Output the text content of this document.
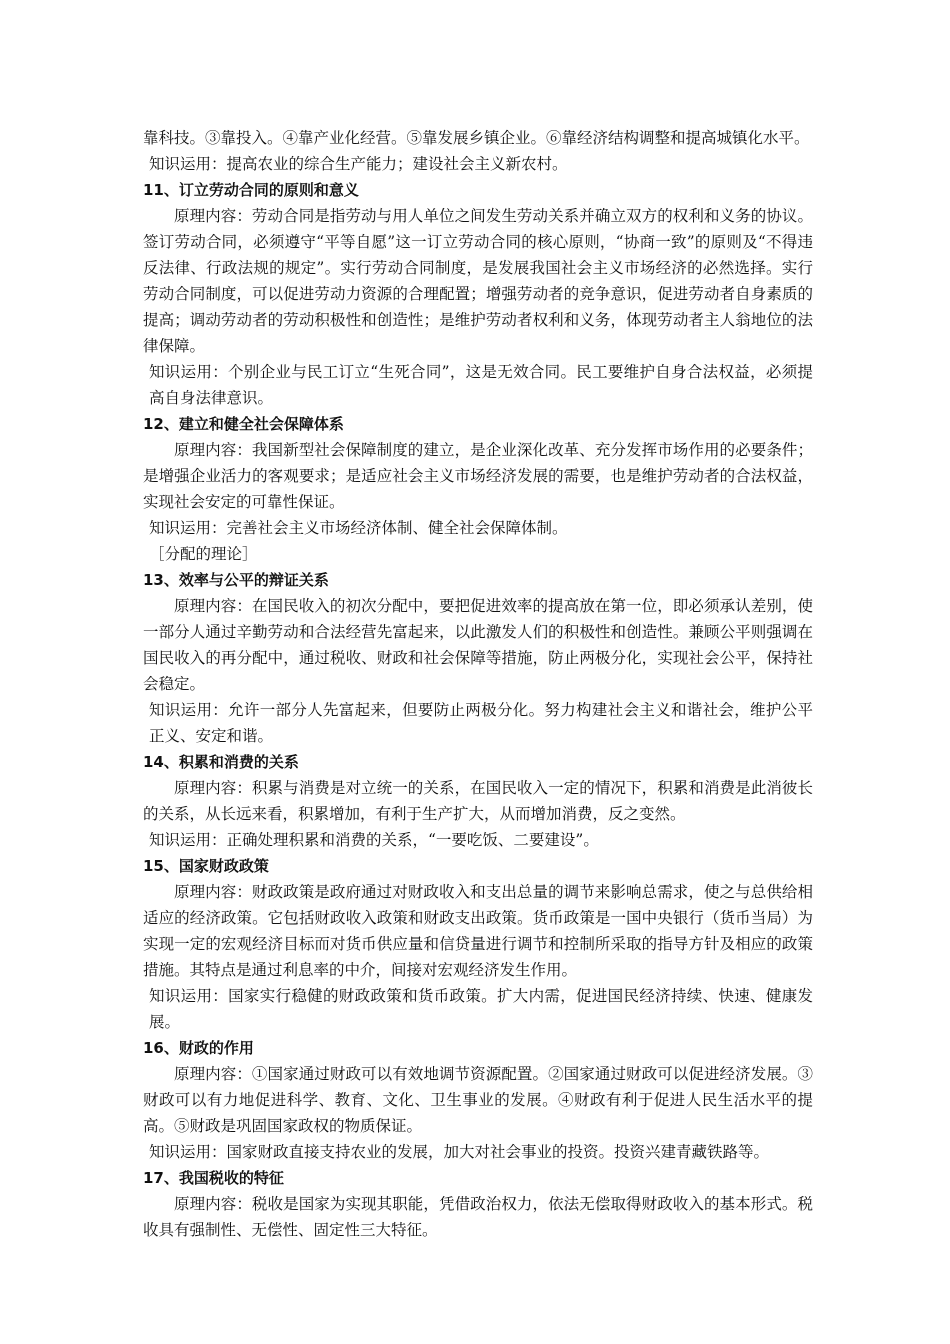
靠科技。③靠投入。④靠产业化经营。⑤靠发展乡镇企业。⑥靠经济结构调整和提高城镇化水平。

知识运用：提高农业的综合生产能力；建设社会主义新农村。

11、订立劳动合同的原则和意义

原理内容：劳动合同是指劳动与用人单位之间发生劳动关系并确立双方的权利和义务的协议。签订劳动合同，必须遵守“平等自愿”这一订立劳动合同的核心原则，“协商一致”的原则及“不得违反法律、行政法规的规定”。实行劳动合同制度，是发展我国社会主义市场经济的必然选择。实行劳动合同制度，可以促进劳动力资源的合理配置；增强劳动者的竞争意识，促进劳动者自身素质的提高；调动劳动者的劳动积极性和创造性；是维护劳动者权利和义务，体现劳动者主人翁地位的法律保障。

知识运用：个别企业与民工订立“生死合同”，这是无效合同。民工要维护自身合法权益，必须提高自身法律意识。

12、建立和健全社会保障体系

原理内容：我国新型社会保障制度的建立，是企业深化改革、充分发挥市场作用的必要条件；是增强企业活力的客观要求；是适应社会主义市场经济发展的需要，也是维护劳动者的合法权益，实现社会安定的可靠性保证。

知识运用：完善社会主义市场经济体制、健全社会保障体制。

［分配的理论］

13、效率与公平的辩证关系

原理内容：在国民收入的初次分配中，要把促进效率的提高放在第一位，即必须承认差别，使一部分人通过辛勤劳动和合法经营先富起来，以此激发人们的积极性和创造性。兼顾公平则强调在国民收入的再分配中，通过税收、财政和社会保障等措施，防止两极分化，实现社会公平，保持社会稳定。

知识运用：允许一部分人先富起来，但要防止两极分化。努力构建社会主义和谐社会，维护公平正义、安定和谐。

14、积累和消费的关系

原理内容：积累与消费是对立统一的关系，在国民收入一定的情况下，积累和消费是此消彼长的关系，从长远来看，积累增加，有利于生产扩大，从而增加消费，反之变然。

知识运用：正确处理积累和消费的关系，“一要吃饭、二要建设”。

15、国家财政政策

原理内容：财政政策是政府通过对财政收入和支出总量的调节来影响总需求，使之与总供给相适应的经济政策。它包括财政收入政策和财政支出政策。货币政策是一国中央银行（货币当局）为实现一定的宏观经济目标而对货币供应量和信贷量进行调节和控制所采取的指导方针及相应的政策措施。其特点是通过利息率的中介，间接对宏观经济发生作用。

知识运用：国家实行稳健的财政政策和货币政策。扩大内需，促进国民经济持续、快速、健康发展。

16、财政的作用

原理内容：①国家通过财政可以有效地调节资源配置。②国家通过财政可以促进经济发展。③财政可以有力地促进科学、教育、文化、卫生事业的发展。④财政有利于促进人民生活水平的提高。⑤财政是巩固国家政权的物质保证。

知识运用：国家财政直接支持农业的发展，加大对社会事业的投资。投资兴建青藏铁路等。

17、我国税收的特征

原理内容：税收是国家为实现其职能，凭借政治权力，依法无偿取得财政收入的基本形式。税收具有强制性、无偿性、固定性三大特征。
